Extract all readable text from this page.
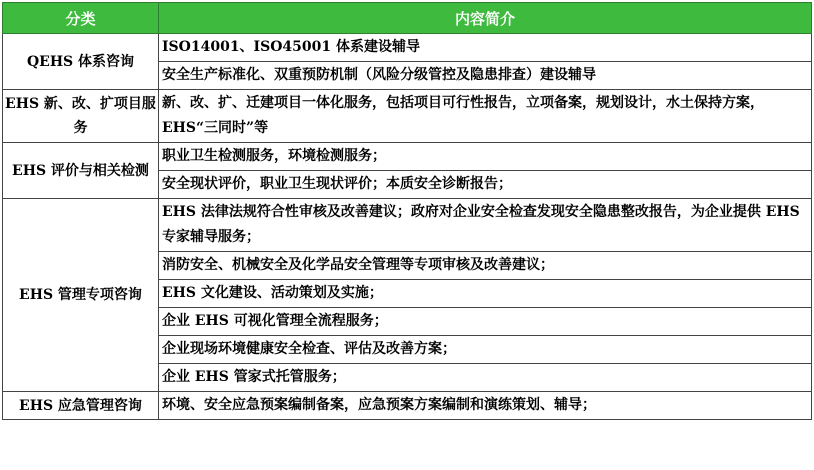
分类	内容简介
QEHS 体系咨询	ISO14001、ISO45001 体系建设辅导
	安全生产标准化、双重预防机制（风险分级管控及隐患排查）建设辅导
EHS 新、改、扩项目服务	新、改、扩、迁建项目一体化服务，包括项目可行性报告，立项备案，规划设计，水土保持方案，EHS“三同时”等
EHS 评价与相关检测	职业卫生检测服务，环境检测服务；
	安全现状评价，职业卫生现状评价；本质安全诊断报告；
EHS 管理专项咨询	EHS 法律法规符合性审核及改善建议；政府对企业安全检查发现安全隐患整改报告，为企业提供 EHS 专家辅导服务；
	消防安全、机械安全及化学品安全管理等专项审核及改善建议；
	EHS 文化建设、活动策划及实施；
	企业 EHS 可视化管理全流程服务；
	企业现场环境健康安全检查、评估及改善方案；
	企业 EHS 管家式托管服务；
EHS 应急管理咨询	环境、安全应急预案编制备案，应急预案方案编制和演练策划、辅导；
